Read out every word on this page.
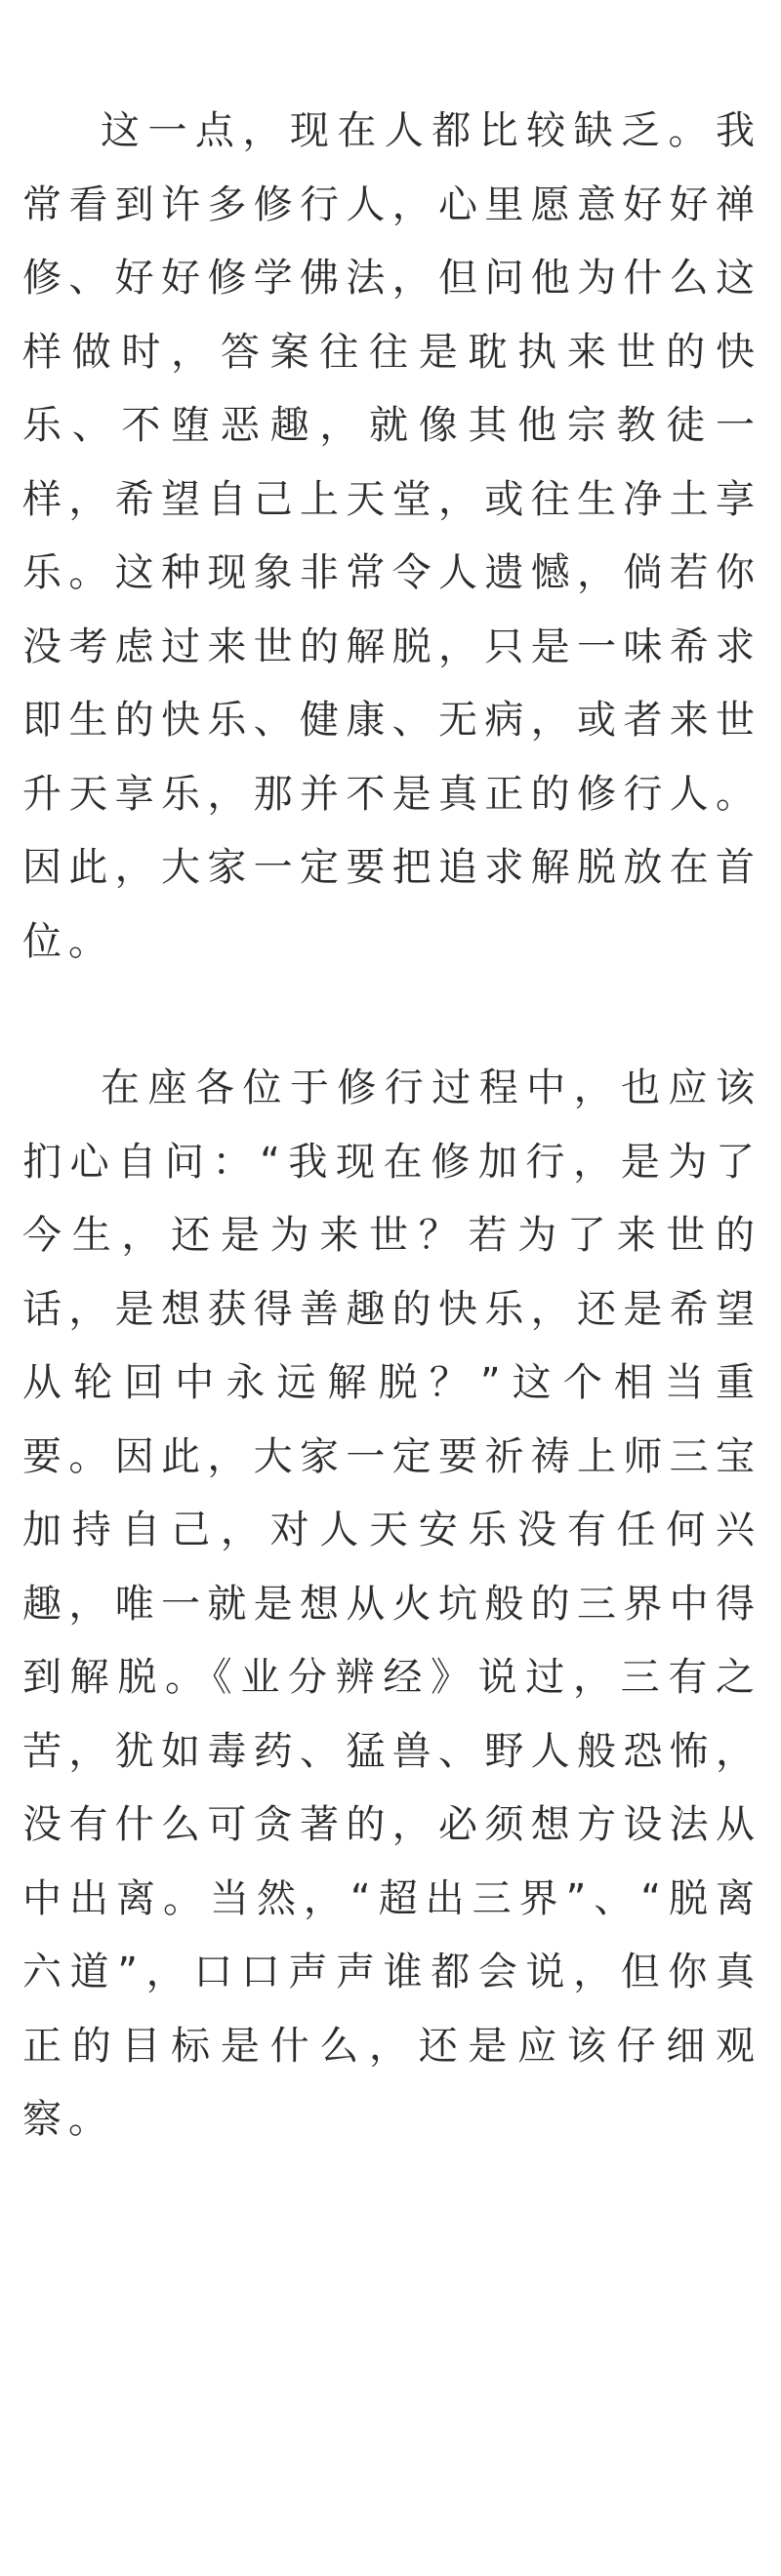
这一点，现在人都比较缺乏。我常看到许多修行人，心里愿意好好禅修、好好修学佛法，但问他为什么这样做时，答案往往是耽执来世的快乐、不堕恶趣，就像其他宗教徒一样，希望自己上天堂，或往生净土享乐。这种现象非常令人遗憾，倘若你没考虑过来世的解脱，只是一味希求即生的快乐、健康、无病，或者来世升天享乐，那并不是真正的修行人。因此，大家一定要把追求解脱放在首位。

在座各位于修行过程中，也应该扪心自问：“我现在修加行，是为了今生，还是为来世？若为了来世的话，是想获得善趣的快乐，还是希望从轮回中永远解脱？”这个相当重要。因此，大家一定要祈祷上师三宝加持自己，对人天安乐没有任何兴趣，唯一就是想从火坑般的三界中得到解脱。《业分辨经》说过，三有之苦，犹如毒药、猛兽、野人般恐怖，没有什么可贪著的，必须想方设法从中出离。当然，“超出三界”、“脱离六道”，口口声声谁都会说，但你真正的目标是什么，还是应该仔细观察。
